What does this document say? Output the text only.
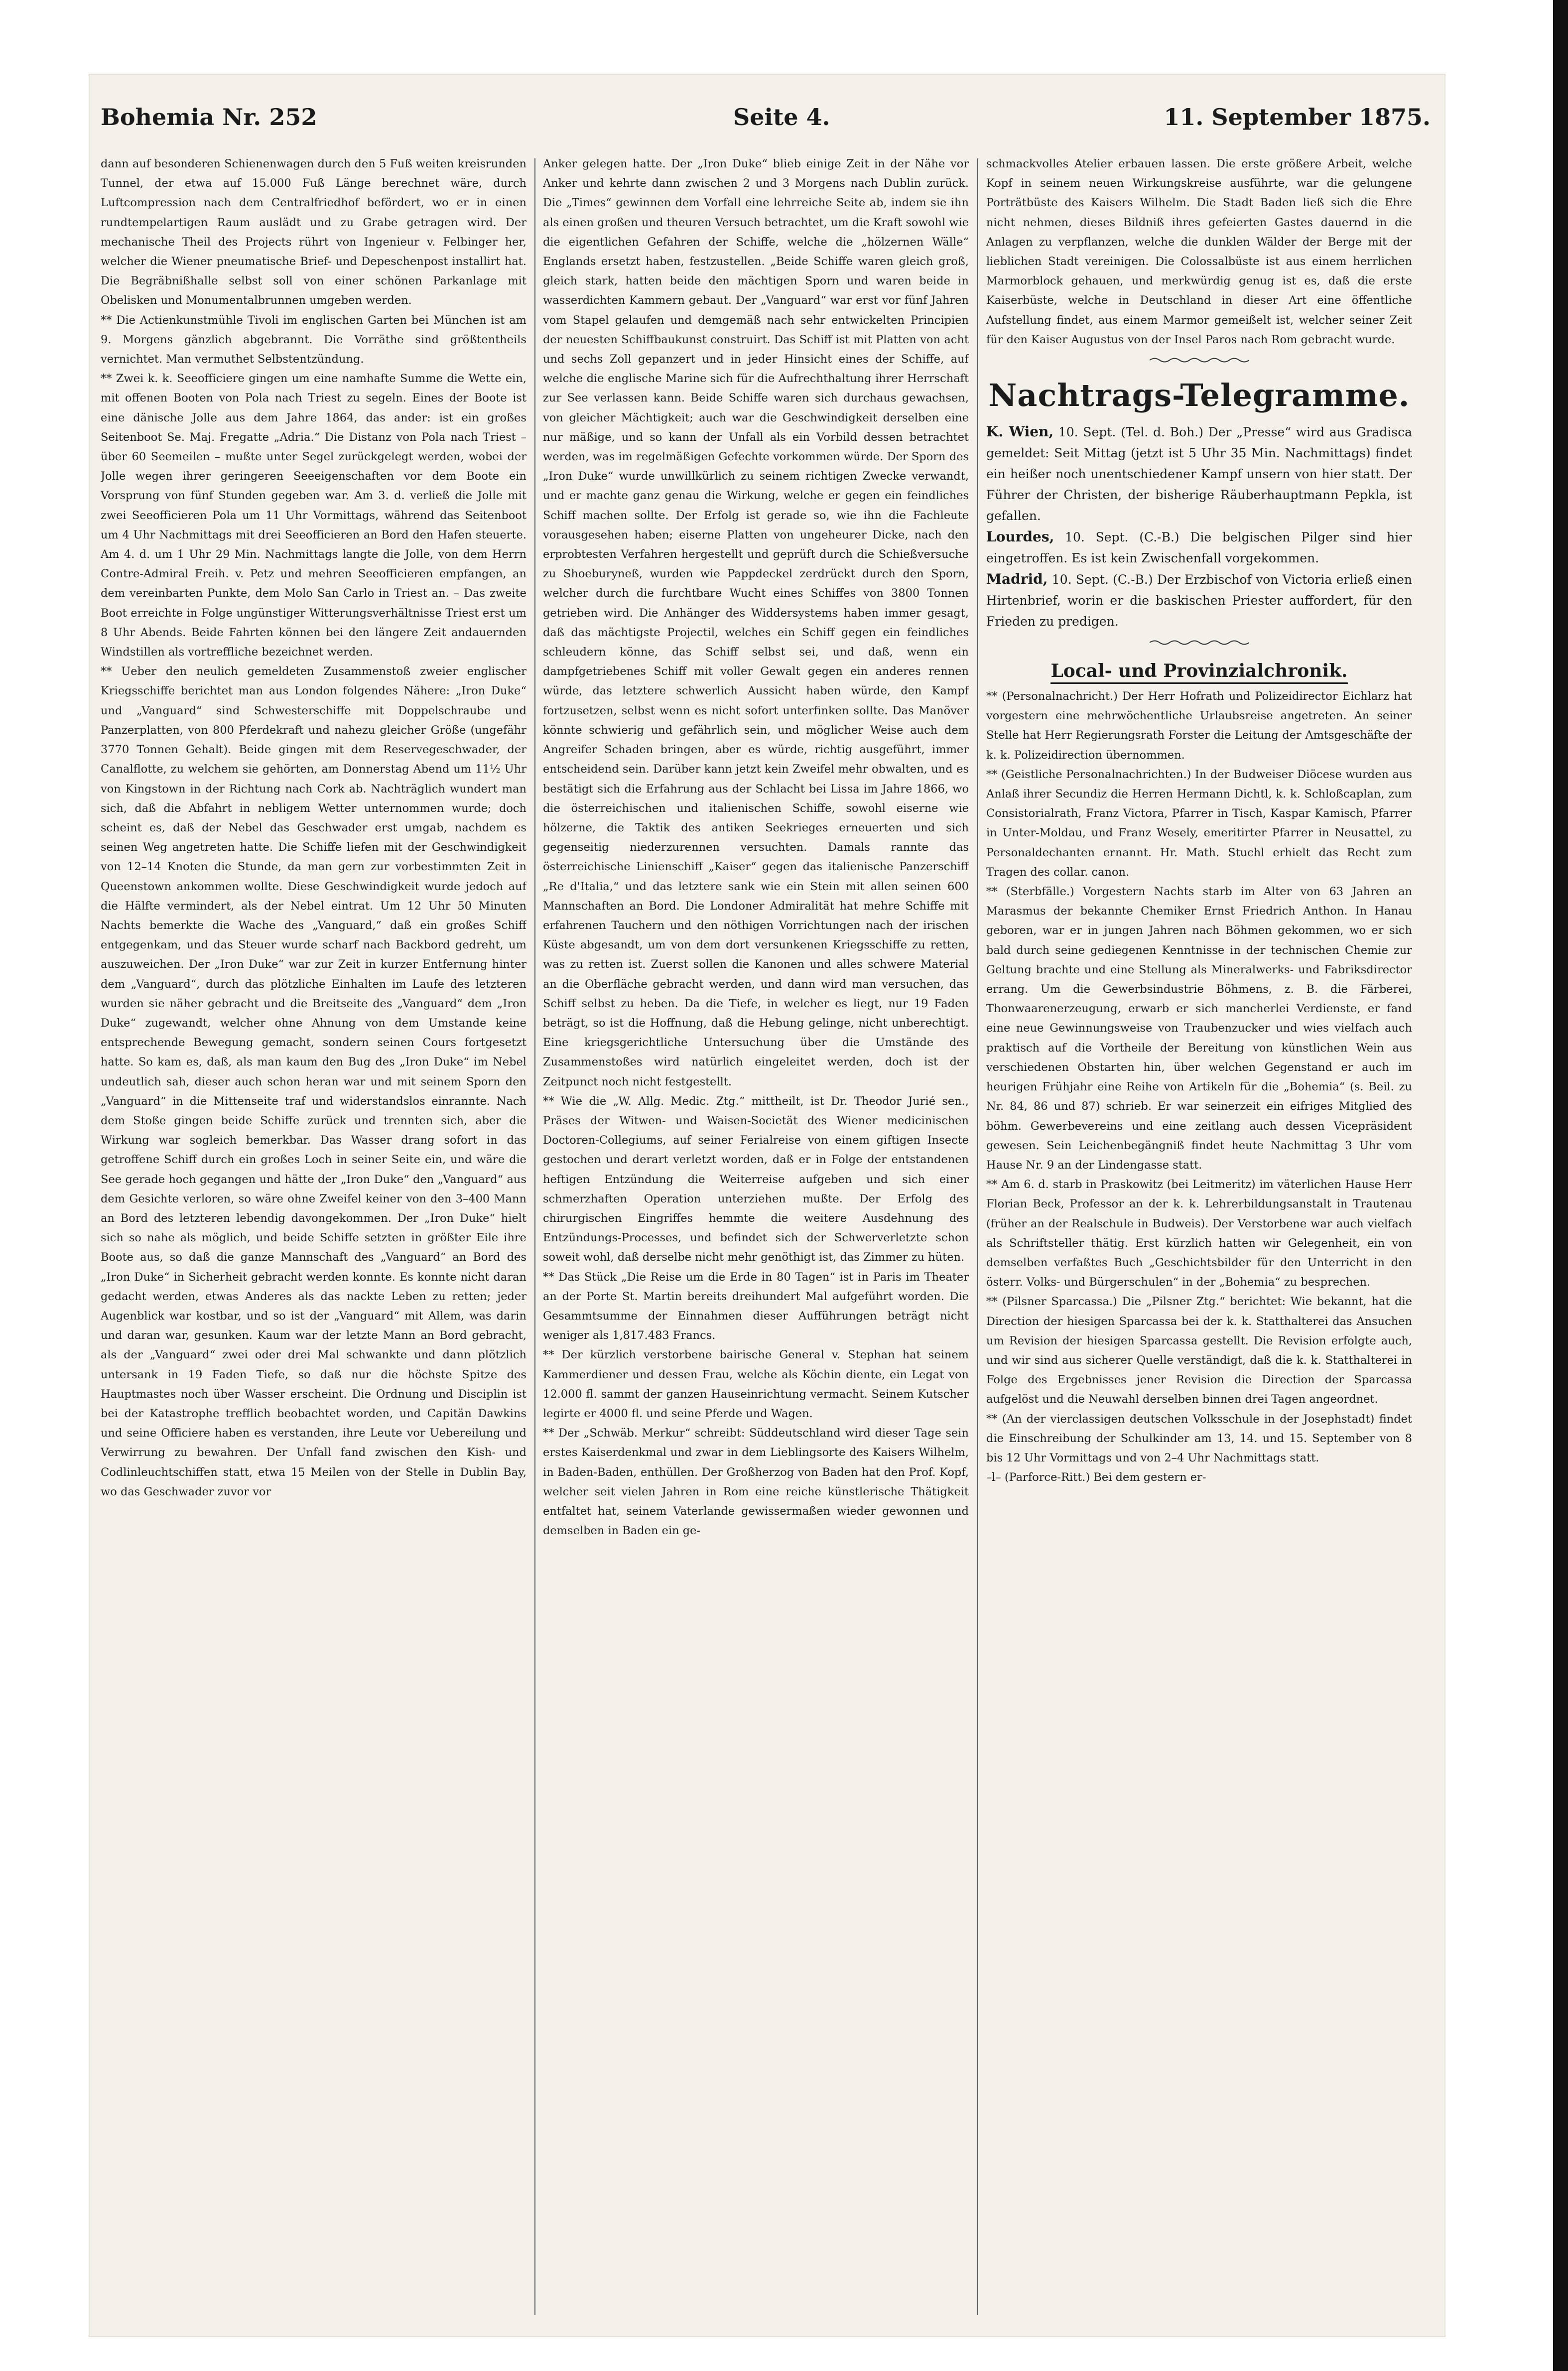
Bohemia Nr. 252	Seite 4.	11. September 1875.

dann auf besonderen Schienenwagen durch den 5 Fuß weiten kreisrunden Tunnel, der etwa auf 15.000 Fuß Länge berechnet wäre, durch Luftcompression nach dem Centralfriedhof befördert, wo er in einen rundtempelartigen Raum auslädt und zu Grabe getragen wird. Der mechanische Theil des Projects rührt von Ingenieur v. Felbinger her, welcher die Wiener pneumatische Brief- und Depeschenpost installirt hat. Die Begräbnißhalle selbst soll von einer schönen Parkanlage mit Obelisken und Monumentalbrunnen umgeben werden.

** Die Actienkunstmühle Tivoli im englischen Garten bei München ist am 9. Morgens gänzlich abgebrannt. Die Vorräthe sind größtentheils vernichtet. Man vermuthet Selbstentzündung.

** Zwei k. k. Seeofficiere gingen um eine namhafte Summe die Wette ein, mit offenen Booten von Pola nach Triest zu segeln. Eines der Boote ist eine dänische Jolle aus dem Jahre 1864, das ander: ist ein großes Seitenboot Se. Maj. Fregatte „Adria.“ Die Distanz von Pola nach Triest – über 60 Seemeilen – mußte unter Segel zurückgelegt werden, wobei der Jolle wegen ihrer geringeren Seeeigenschaften vor dem Boote ein Vorsprung von fünf Stunden gegeben war. Am 3. d. verließ die Jolle mit zwei Seeofficieren Pola um 11 Uhr Vormittags, während das Seitenboot um 4 Uhr Nachmittags mit drei Seeofficieren an Bord den Hafen steuerte. Am 4. d. um 1 Uhr 29 Min. Nachmittags langte die Jolle, von dem Herrn Contre-Admiral Freih. v. Petz und mehren Seeofficieren empfangen, an dem vereinbarten Punkte, dem Molo San Carlo in Triest an. – Das zweite Boot erreichte in Folge ungünstiger Witterungsverhältnisse Triest erst um 8 Uhr Abends. Beide Fahrten können bei den längere Zeit andauernden Windstillen als vortreffliche bezeichnet werden.

** Ueber den neulich gemeldeten Zusammenstoß zweier englischer Kriegsschiffe berichtet man aus London folgendes Nähere: „Iron Duke“ und „Vanguard“ sind Schwesterschiffe mit Doppelschraube und Panzerplatten, von 800 Pferdekraft und nahezu gleicher Größe (ungefähr 3770 Tonnen Gehalt). Beide gingen mit dem Reservegeschwader, der Canalflotte, zu welchem sie gehörten, am Donnerstag Abend um 11½ Uhr von Kingstown in der Richtung nach Cork ab. Nachträglich wundert man sich, daß die Abfahrt in nebligem Wetter unternommen wurde; doch scheint es, daß der Nebel das Geschwader erst umgab, nachdem es seinen Weg angetreten hatte. Die Schiffe liefen mit der Geschwindigkeit von 12–14 Knoten die Stunde, da man gern zur vorbestimmten Zeit in Queenstown ankommen wollte. Diese Geschwindigkeit wurde jedoch auf die Hälfte vermindert, als der Nebel eintrat. Um 12 Uhr 50 Minuten Nachts bemerkte die Wache des „Vanguard,“ daß ein großes Schiff entgegenkam, und das Steuer wurde scharf nach Backbord gedreht, um auszuweichen. Der „Iron Duke“ war zur Zeit in kurzer Entfernung hinter dem „Vanguard“, durch das plötzliche Einhalten im Laufe des letzteren wurden sie näher gebracht und die Breitseite des „Vanguard“ dem „Iron Duke“ zugewandt, welcher ohne Ahnung von dem Umstande keine entsprechende Bewegung gemacht, sondern seinen Cours fortgesetzt hatte. So kam es, daß, als man kaum den Bug des „Iron Duke“ im Nebel undeutlich sah, dieser auch schon heran war und mit seinem Sporn den „Vanguard“ in die Mittenseite traf und widerstandslos einrannte. Nach dem Stoße gingen beide Schiffe zurück und trennten sich, aber die Wirkung war sogleich bemerkbar. Das Wasser drang sofort in das getroffene Schiff durch ein großes Loch in seiner Seite ein, und wäre die See gerade hoch gegangen und hätte der „Iron Duke“ den „Vanguard“ aus dem Gesichte verloren, so wäre ohne Zweifel keiner von den 3–400 Mann an Bord des letzteren lebendig davongekommen. Der „Iron Duke“ hielt sich so nahe als möglich, und beide Schiffe setzten in größter Eile ihre Boote aus, so daß die ganze Mannschaft des „Vanguard“ an Bord des „Iron Duke“ in Sicherheit gebracht werden konnte. Es konnte nicht daran gedacht werden, etwas Anderes als das nackte Leben zu retten; jeder Augenblick war kostbar, und so ist der „Vanguard“ mit Allem, was darin und daran war, gesunken. Kaum war der letzte Mann an Bord gebracht, als der „Vanguard“ zwei oder drei Mal schwankte und dann plötzlich untersank in 19 Faden Tiefe, so daß nur die höchste Spitze des Hauptmastes noch über Wasser erscheint. Die Ordnung und Disciplin ist bei der Katastrophe trefflich beobachtet worden, und Capitän Dawkins und seine Officiere haben es verstanden, ihre Leute vor Uebereilung und Verwirrung zu bewahren. Der Unfall fand zwischen den Kish- und Codlinleuchtschiffen statt, etwa 15 Meilen von der Stelle in Dublin Bay, wo das Geschwader zuvor vor

Anker gelegen hatte. Der „Iron Duke“ blieb einige Zeit in der Nähe vor Anker und kehrte dann zwischen 2 und 3 Morgens nach Dublin zurück. Die „Times“ gewinnen dem Vorfall eine lehrreiche Seite ab, indem sie ihn als einen großen und theuren Versuch betrachtet, um die Kraft sowohl wie die eigentlichen Gefahren der Schiffe, welche die „hölzernen Wälle“ Englands ersetzt haben, festzustellen. „Beide Schiffe waren gleich groß, gleich stark, hatten beide den mächtigen Sporn und waren beide in wasserdichten Kammern gebaut. Der „Vanguard“ war erst vor fünf Jahren vom Stapel gelaufen und demgemäß nach sehr entwickelten Principien der neuesten Schiffbaukunst construirt. Das Schiff ist mit Platten von acht und sechs Zoll gepanzert und in jeder Hinsicht eines der Schiffe, auf welche die englische Marine sich für die Aufrechthaltung ihrer Herrschaft zur See verlassen kann. Beide Schiffe waren sich durchaus gewachsen, von gleicher Mächtigkeit; auch war die Geschwindigkeit derselben eine nur mäßige, und so kann der Unfall als ein Vorbild dessen betrachtet werden, was im regelmäßigen Gefechte vorkommen würde. Der Sporn des „Iron Duke“ wurde unwillkürlich zu seinem richtigen Zwecke verwandt, und er machte ganz genau die Wirkung, welche er gegen ein feindliches Schiff machen sollte. Der Erfolg ist gerade so, wie ihn die Fachleute vorausgesehen haben; eiserne Platten von ungeheurer Dicke, nach den erprobtesten Verfahren hergestellt und geprüft durch die Schießversuche zu Shoeburyneß, wurden wie Pappdeckel zerdrückt durch den Sporn, welcher durch die furchtbare Wucht eines Schiffes von 3800 Tonnen getrieben wird. Die Anhänger des Widdersystems haben immer gesagt, daß das mächtigste Projectil, welches ein Schiff gegen ein feindliches schleudern könne, das Schiff selbst sei, und daß, wenn ein dampfgetriebenes Schiff mit voller Gewalt gegen ein anderes rennen würde, das letztere schwerlich Aussicht haben würde, den Kampf fortzusetzen, selbst wenn es nicht sofort unterfinken sollte. Das Manöver könnte schwierig und gefährlich sein, und möglicher Weise auch dem Angreifer Schaden bringen, aber es würde, richtig ausgeführt, immer entscheidend sein. Darüber kann jetzt kein Zweifel mehr obwalten, und es bestätigt sich die Erfahrung aus der Schlacht bei Lissa im Jahre 1866, wo die österreichischen und italienischen Schiffe, sowohl eiserne wie hölzerne, die Taktik des antiken Seekrieges erneuerten und sich gegenseitig niederzurennen versuchten. Damals rannte das österreichische Linienschiff „Kaiser“ gegen das italienische Panzerschiff „Re d'Italia,“ und das letztere sank wie ein Stein mit allen seinen 600 Mannschaften an Bord. Die Londoner Admiralität hat mehre Schiffe mit erfahrenen Tauchern und den nöthigen Vorrichtungen nach der irischen Küste abgesandt, um von dem dort versunkenen Kriegsschiffe zu retten, was zu retten ist. Zuerst sollen die Kanonen und alles schwere Material an die Oberfläche gebracht werden, und dann wird man versuchen, das Schiff selbst zu heben. Da die Tiefe, in welcher es liegt, nur 19 Faden beträgt, so ist die Hoffnung, daß die Hebung gelinge, nicht unberechtigt. Eine kriegsgerichtliche Untersuchung über die Umstände des Zusammenstoßes wird natürlich eingeleitet werden, doch ist der Zeitpunct noch nicht festgestellt.

** Wie die „W. Allg. Medic. Ztg.“ mittheilt, ist Dr. Theodor Jurié sen., Präses der Witwen- und Waisen-Societät des Wiener medicinischen Doctoren-Collegiums, auf seiner Ferialreise von einem giftigen Insecte gestochen und derart verletzt worden, daß er in Folge der entstandenen heftigen Entzündung die Weiterreise aufgeben und sich einer schmerzhaften Operation unterziehen mußte. Der Erfolg des chirurgischen Eingriffes hemmte die weitere Ausdehnung des Entzündungs-Processes, und befindet sich der Schwerverletzte schon soweit wohl, daß derselbe nicht mehr genöthigt ist, das Zimmer zu hüten.

** Das Stück „Die Reise um die Erde in 80 Tagen“ ist in Paris im Theater an der Porte St. Martin bereits dreihundert Mal aufgeführt worden. Die Gesammtsumme der Einnahmen dieser Aufführungen beträgt nicht weniger als 1,817.483 Francs.

** Der kürzlich verstorbene bairische General v. Stephan hat seinem Kammerdiener und dessen Frau, welche als Köchin diente, ein Legat von 12.000 fl. sammt der ganzen Hauseinrichtung vermacht. Seinem Kutscher legirte er 4000 fl. und seine Pferde und Wagen.

** Der „Schwäb. Merkur“ schreibt: Süddeutschland wird dieser Tage sein erstes Kaiserdenkmal und zwar in dem Lieblingsorte des Kaisers Wilhelm, in Baden-Baden, enthüllen. Der Großherzog von Baden hat den Prof. Kopf, welcher seit vielen Jahren in Rom eine reiche künstlerische Thätigkeit entfaltet hat, seinem Vaterlande gewissermaßen wieder gewonnen und demselben in Baden ein ge-

schmackvolles Atelier erbauen lassen. Die erste größere Arbeit, welche Kopf in seinem neuen Wirkungskreise ausführte, war die gelungene Porträtbüste des Kaisers Wilhelm. Die Stadt Baden ließ sich die Ehre nicht nehmen, dieses Bildniß ihres gefeierten Gastes dauernd in die Anlagen zu verpflanzen, welche die dunklen Wälder der Berge mit der lieblichen Stadt vereinigen. Die Colossalbüste ist aus einem herrlichen Marmorblock gehauen, und merkwürdig genug ist es, daß die erste Kaiserbüste, welche in Deutschland in dieser Art eine öffentliche Aufstellung findet, aus einem Marmor gemeißelt ist, welcher seiner Zeit für den Kaiser Augustus von der Insel Paros nach Rom gebracht wurde.

Nachtrags-Telegramme.

K. Wien, 10. Sept. (Tel. d. Boh.) Der „Presse“ wird aus Gradisca gemeldet: Seit Mittag (jetzt ist 5 Uhr 35 Min. Nachmittags) findet ein heißer noch unentschiedener Kampf unsern von hier statt. Der Führer der Christen, der bisherige Räuberhauptmann Pepkla, ist gefallen.

Lourdes, 10. Sept. (C.-B.) Die belgischen Pilger sind hier eingetroffen. Es ist kein Zwischenfall vorgekommen.

Madrid, 10. Sept. (C.-B.) Der Erzbischof von Victoria erließ einen Hirtenbrief, worin er die baskischen Priester auffordert, für den Frieden zu predigen.

Local- und Provinzialchronik.

** (Personalnachricht.) Der Herr Hofrath und Polizeidirector Eichlarz hat vorgestern eine mehrwöchentliche Urlaubsreise angetreten. An seiner Stelle hat Herr Regierungsrath Forster die Leitung der Amtsgeschäfte der k. k. Polizeidirection übernommen.

** (Geistliche Personalnachrichten.) In der Budweiser Diöcese wurden aus Anlaß ihrer Secundiz die Herren Hermann Dichtl, k. k. Schloßcaplan, zum Consistorialrath, Franz Victora, Pfarrer in Tisch, Kaspar Kamisch, Pfarrer in Unter-Moldau, und Franz Wesely, emeritirter Pfarrer in Neusattel, zu Personaldechanten ernannt. Hr. Math. Stuchl erhielt das Recht zum Tragen des collar. canon.

** (Sterbfälle.) Vorgestern Nachts starb im Alter von 63 Jahren an Marasmus der bekannte Chemiker Ernst Friedrich Anthon. In Hanau geboren, war er in jungen Jahren nach Böhmen gekommen, wo er sich bald durch seine gediegenen Kenntnisse in der technischen Chemie zur Geltung brachte und eine Stellung als Mineralwerks- und Fabriksdirector errang. Um die Gewerbsindustrie Böhmens, z. B. die Färberei, Thonwaarenerzeugung, erwarb er sich mancherlei Verdienste, er fand eine neue Gewinnungsweise von Traubenzucker und wies vielfach auch praktisch auf die Vortheile der Bereitung von künstlichen Wein aus verschiedenen Obstarten hin, über welchen Gegenstand er auch im heurigen Frühjahr eine Reihe von Artikeln für die „Bohemia“ (s. Beil. zu Nr. 84, 86 und 87) schrieb. Er war seinerzeit ein eifriges Mitglied des böhm. Gewerbevereins und eine zeitlang auch dessen Vicepräsident gewesen. Sein Leichenbegängniß findet heute Nachmittag 3 Uhr vom Hause Nr. 9 an der Lindengasse statt.

** Am 6. d. starb in Praskowitz (bei Leitmeritz) im väterlichen Hause Herr Florian Beck, Professor an der k. k. Lehrerbildungsanstalt in Trautenau (früher an der Realschule in Budweis). Der Verstorbene war auch vielfach als Schriftsteller thätig. Erst kürzlich hatten wir Gelegenheit, ein von demselben verfaßtes Buch „Geschichtsbilder für den Unterricht in den österr. Volks- und Bürgerschulen“ in der „Bohemia“ zu besprechen.

** (Pilsner Sparcassa.) Die „Pilsner Ztg.“ berichtet: Wie bekannt, hat die Direction der hiesigen Sparcassa bei der k. k. Statthalterei das Ansuchen um Revision der hiesigen Sparcassa gestellt. Die Revision erfolgte auch, und wir sind aus sicherer Quelle verständigt, daß die k. k. Statthalterei in Folge des Ergebnisses jener Revision die Direction der Sparcassa aufgelöst und die Neuwahl derselben binnen drei Tagen angeordnet.

** (An der vierclassigen deutschen Volksschule in der Josephstadt) findet die Einschreibung der Schulkinder am 13, 14. und 15. September von 8 bis 12 Uhr Vormittags und von 2–4 Uhr Nachmittags statt.

–l– (Parforce-Ritt.) Bei dem gestern er-
